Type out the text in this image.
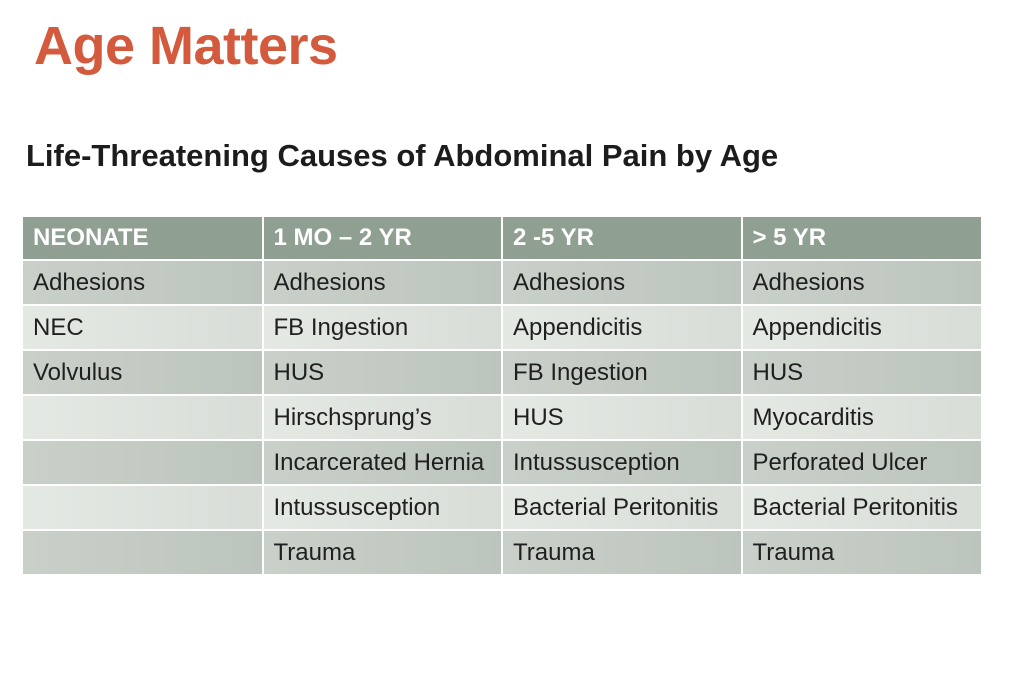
Age Matters
Life-Threatening Causes of Abdominal Pain by Age
NEONATE	1 MO – 2 YR	2 -5 YR	> 5 YR
Adhesions	Adhesions	Adhesions	Adhesions
NEC	FB Ingestion	Appendicitis	Appendicitis
Volvulus	HUS	FB Ingestion	HUS
	Hirschsprung’s	HUS	Myocarditis
	Incarcerated Hernia	Intussusception	Perforated Ulcer
	Intussusception	Bacterial Peritonitis	Bacterial Peritonitis
	Trauma	Trauma	Trauma
